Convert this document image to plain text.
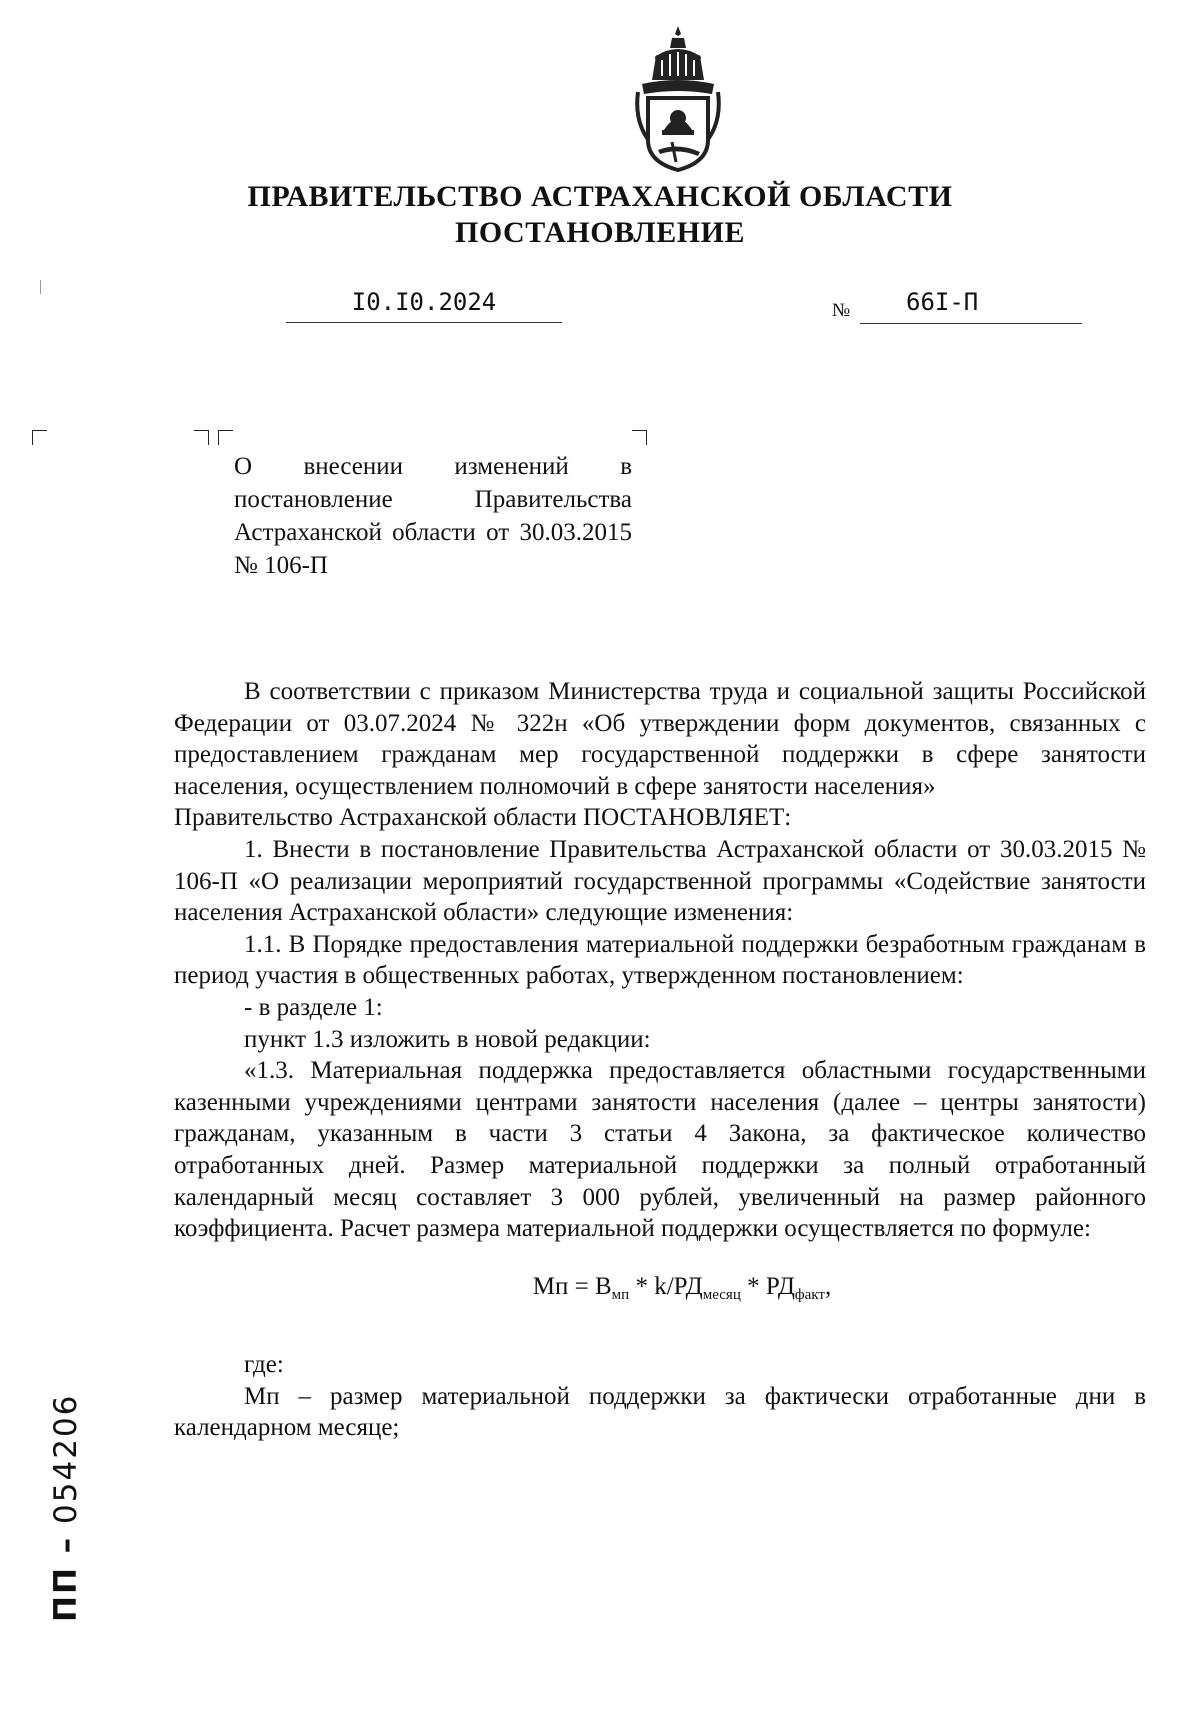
ПРАВИТЕЛЬСТВО АСТРАХАНСКОЙ ОБЛАСТИ
ПОСТАНОВЛЕНИЕ
I0.I0.2024	№	66I-П
О внесении изменений в постановление Правительства Астраханской области от 30.03.2015 № 106-П

В соответствии с приказом Министерства труда и социальной защиты Российской Федерации от 03.07.2024 № 322н «Об утверждении форм документов, связанных с предоставлением гражданам мер государственной поддержки в сфере занятости населения, осуществлением полномочий в сфере занятости населения»

Правительство Астраханской области ПОСТАНОВЛЯЕТ:

1. Внести в постановление Правительства Астраханской области от 30.03.2015 № 106-П «О реализации мероприятий государственной программы «Содействие занятости населения Астраханской области» следующие изменения:

1.1. В Порядке предоставления материальной поддержки безработным гражданам в период участия в общественных работах, утвержденном постановлением:

- в разделе 1:

пункт 1.3 изложить в новой редакции:

«1.3. Материальная поддержка предоставляется областными государственными казенными учреждениями центрами занятости населения (далее – центры занятости) гражданам, указанным в части 3 статьи 4 Закона, за фактическое количество отработанных дней. Размер материальной поддержки за полный отработанный календарный месяц составляет 3 000 рублей, увеличенный на размер районного коэффициента. Расчет размера материальной поддержки осуществляется по формуле:

Мп = $В_{мп} * k/РД_{месяц} * РД_{факт}$,

где:

Мп – размер материальной поддержки за фактически отработанные дни в календарном месяце;

ПП – 054206
